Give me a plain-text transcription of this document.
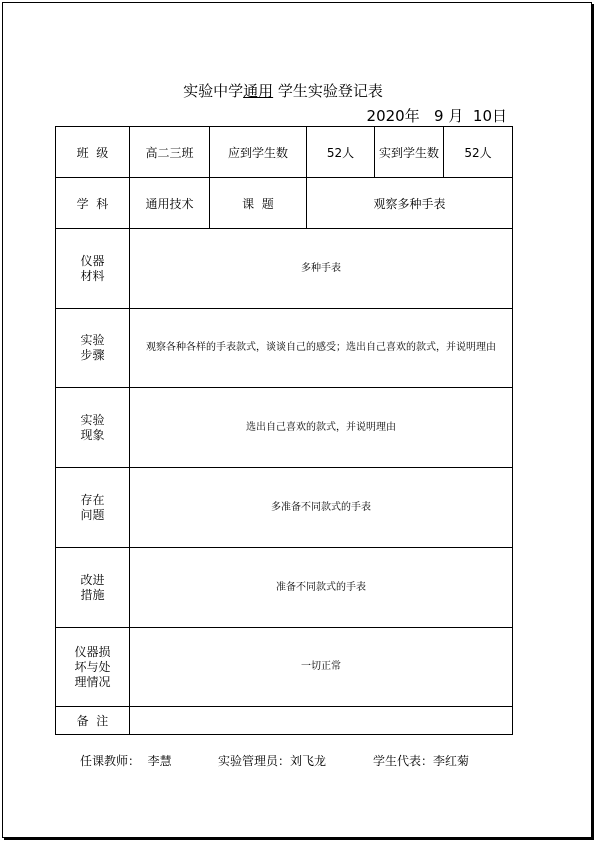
实验中学通用 学生实验登记表
2020年 9 月 10日
班  级	高二三班	应到学生数	52人	实到学生数	52人
学  科	通用技术	课  题	观察多种手表		

仪器
材料	多种手表				

实验
步骤	观察各种各样的手表款式，谈谈自己的感受；选出自己喜欢的款式，并说明理由				

实验
现象	选出自己喜欢的款式，并说明理由				

存在
问题	多准备不同款式的手表				

改进
措施	准备不同款式的手表				

仪器损
坏与处
理情况	一切正常				
备  注					
任课教师： 李慧	实验管理员：刘飞龙	学生代表：李红菊
